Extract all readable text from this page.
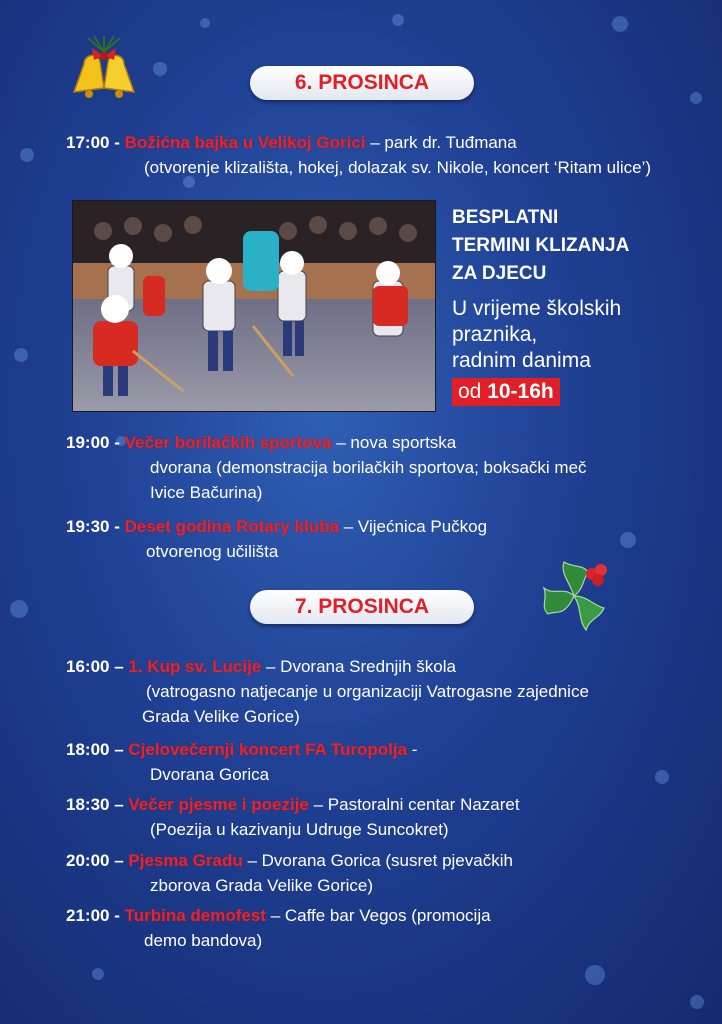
6. PROSINCA
17:00 - Božićna bajka u Velikoj Gorici – park dr. Tuđmana
(otvorenje klizališta, hokej, dolazak sv. Nikole, koncert ‘Ritam ulice’)
BESPLATNI
TERMINI KLIZANJA
ZA DJECU
U vrijeme školskih
praznika,
radnim danima
od 10-16h
19:00 - Večer borilačkih sportova – nova sportska
dvorana (demonstracija borilačkih sportova; boksački meč
Ivice Bačurina)
19:30 - Deset godina Rotary kluba – Vijećnica Pučkog
otvorenog učilišta
7. PROSINCA
16:00 – 1. Kup sv. Lucije – Dvorana Srednjih škola
(vatrogasno natjecanje u organizaciji Vatrogasne zajednice
Grada Velike Gorice)
18:00 – Cjelovečernji koncert FA Turopolja -
Dvorana Gorica
18:30 – Večer pjesme i poezije – Pastoralni centar Nazaret
(Poezija u kazivanju Udruge Suncokret)
20:00 – Pjesma Gradu – Dvorana Gorica (susret pjevačkih
zborova Grada Velike Gorice)
21:00 - Turbina demofest – Caffe bar Vegos (promocija
demo bandova)
